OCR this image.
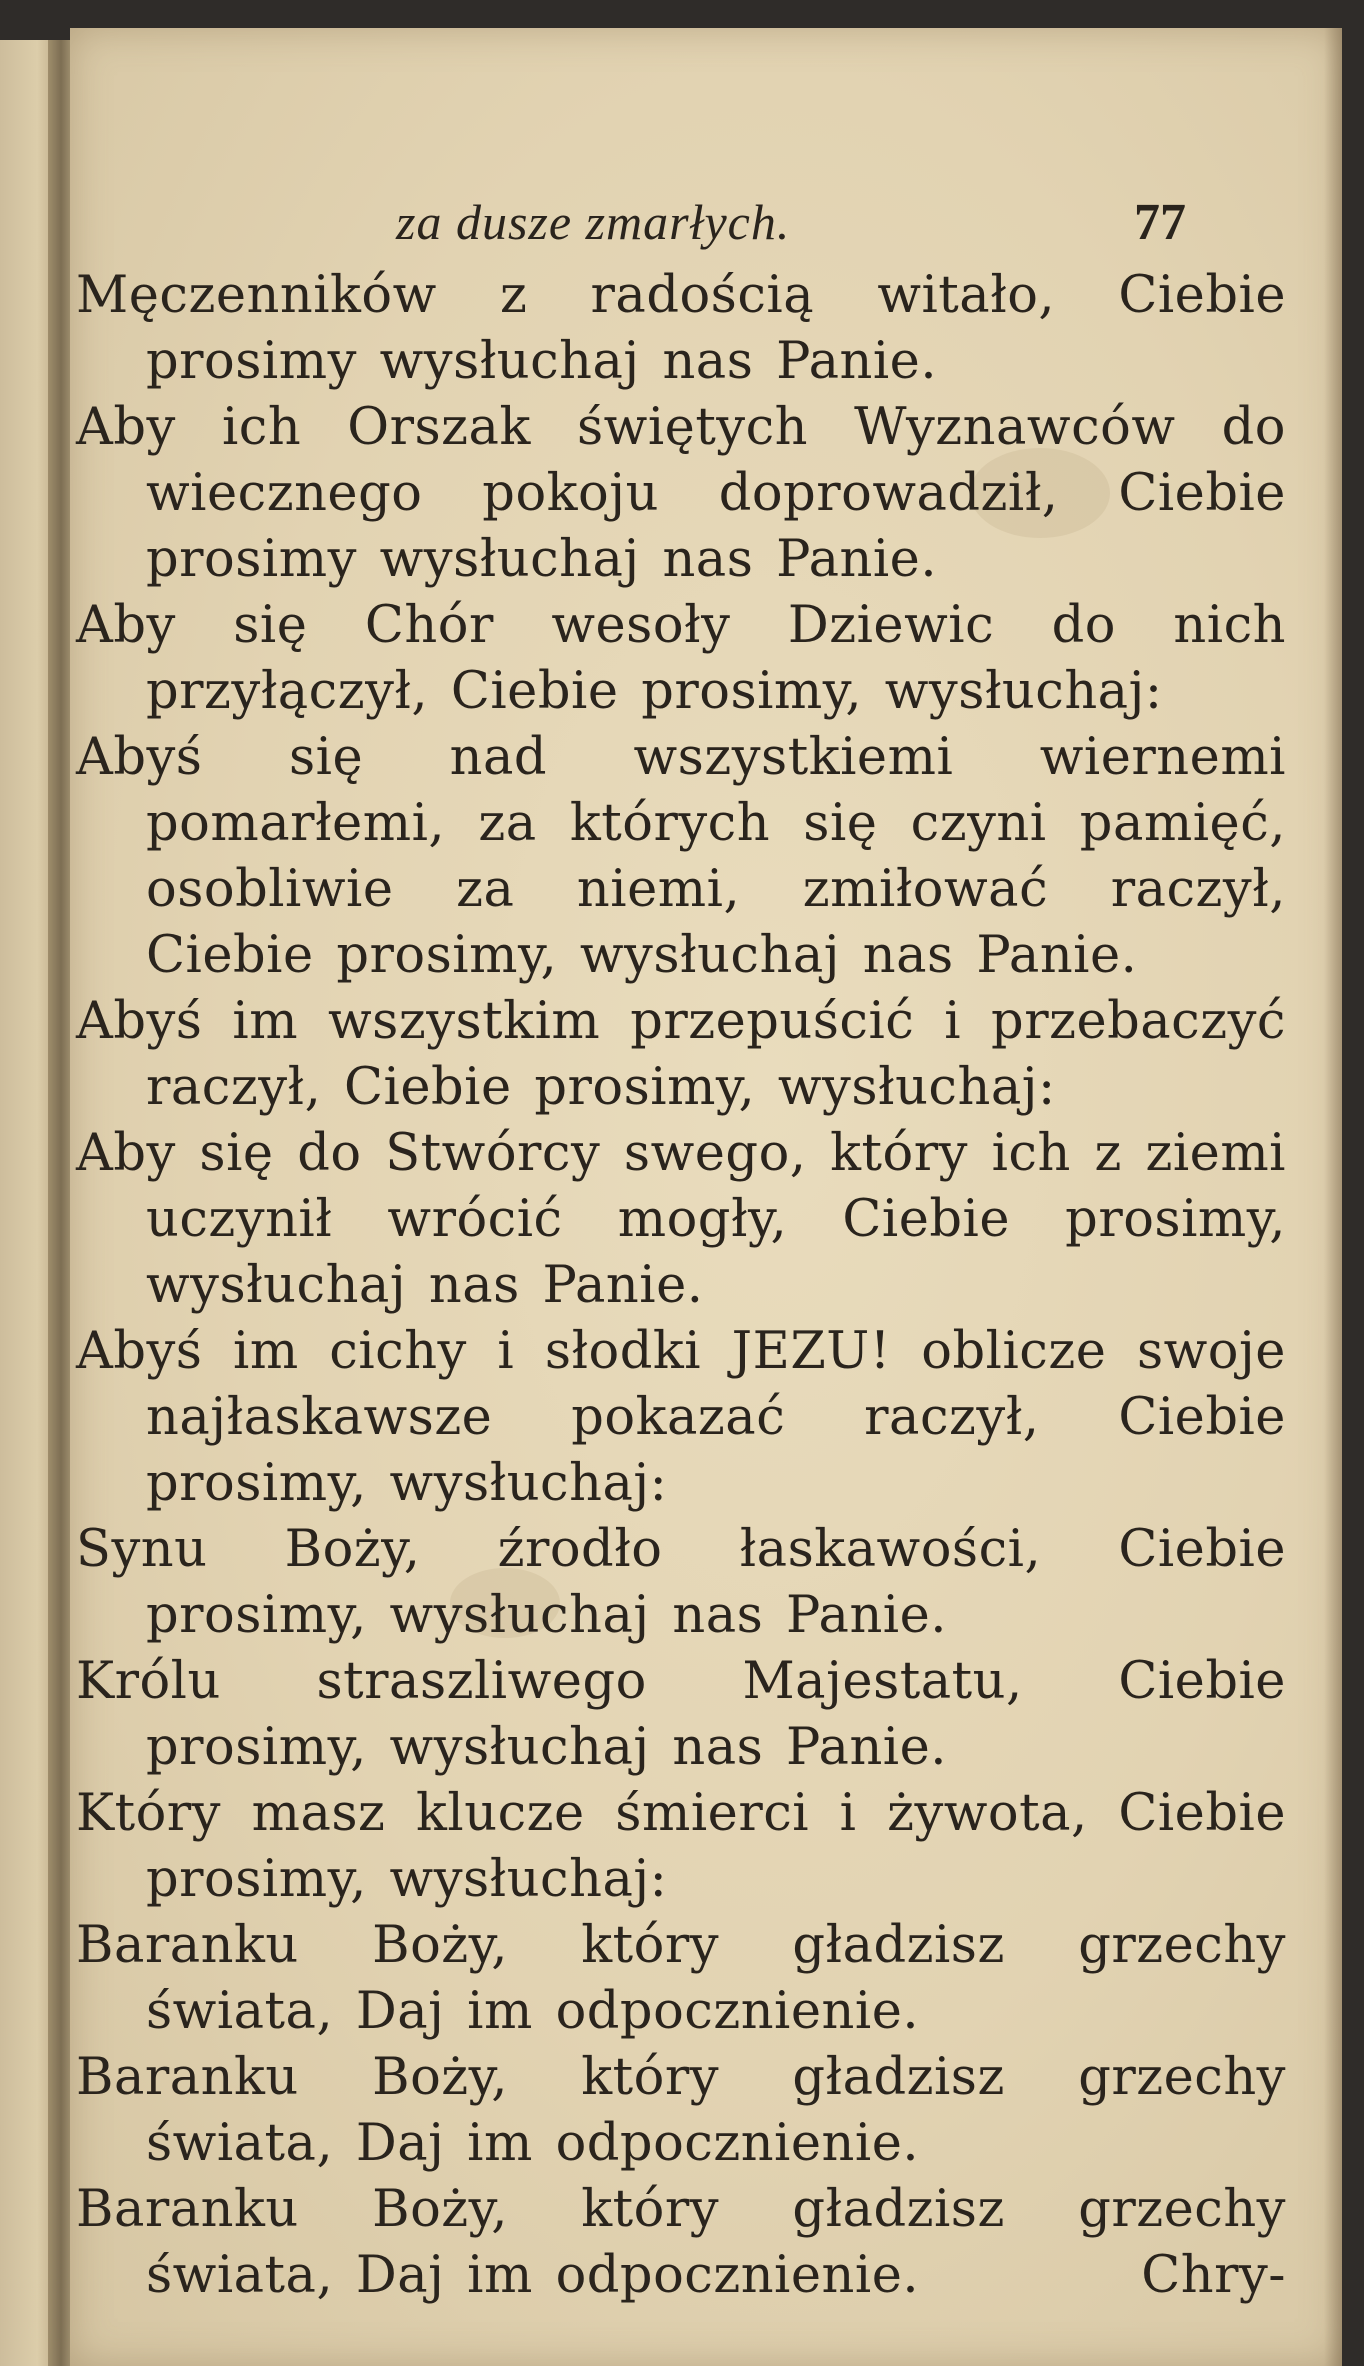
za dusze zmarłych.	77
Męczenników z radością witało, Ciebie prosimy wysłuchaj nas Panie.
Aby ich Orszak świętych Wyznawców do wiecznego pokoju doprowadził, Ciebie prosimy wysłuchaj nas Panie.
Aby się Chór wesoły Dziewic do nich przyłączył, Ciebie prosimy, wysłuchaj:
Abyś się nad wszystkiemi wiernemi pomarłemi, za których się czyni pamięć, osobliwie za niemi, zmiłować raczył, Ciebie prosimy, wysłuchaj nas Panie.
Abyś im wszystkim przepuścić i przebaczyć raczył, Ciebie prosimy, wysłuchaj:
Aby się do Stwórcy swego, który ich z ziemi uczynił wrócić mogły, Ciebie prosimy, wysłuchaj nas Panie.
Abyś im cichy i słodki JEZU! oblicze swoje najłaskawsze pokazać raczył, Ciebie prosimy, wysłuchaj:
Synu Boży, źrodło łaskawości, Ciebie prosimy, wysłuchaj nas Panie.
Królu straszliwego Majestatu, Ciebie prosimy, wysłuchaj nas Panie.
Który masz klucze śmierci i żywota, Ciebie prosimy, wysłuchaj:
Baranku Boży, który gładzisz grzechy świata, Daj im odpocznienie.
Baranku Boży, który gładzisz grzechy świata, Daj im odpocznienie.
Baranku Boży, który gładzisz grzechy świata, Daj im odpocznienie.	Chry-
